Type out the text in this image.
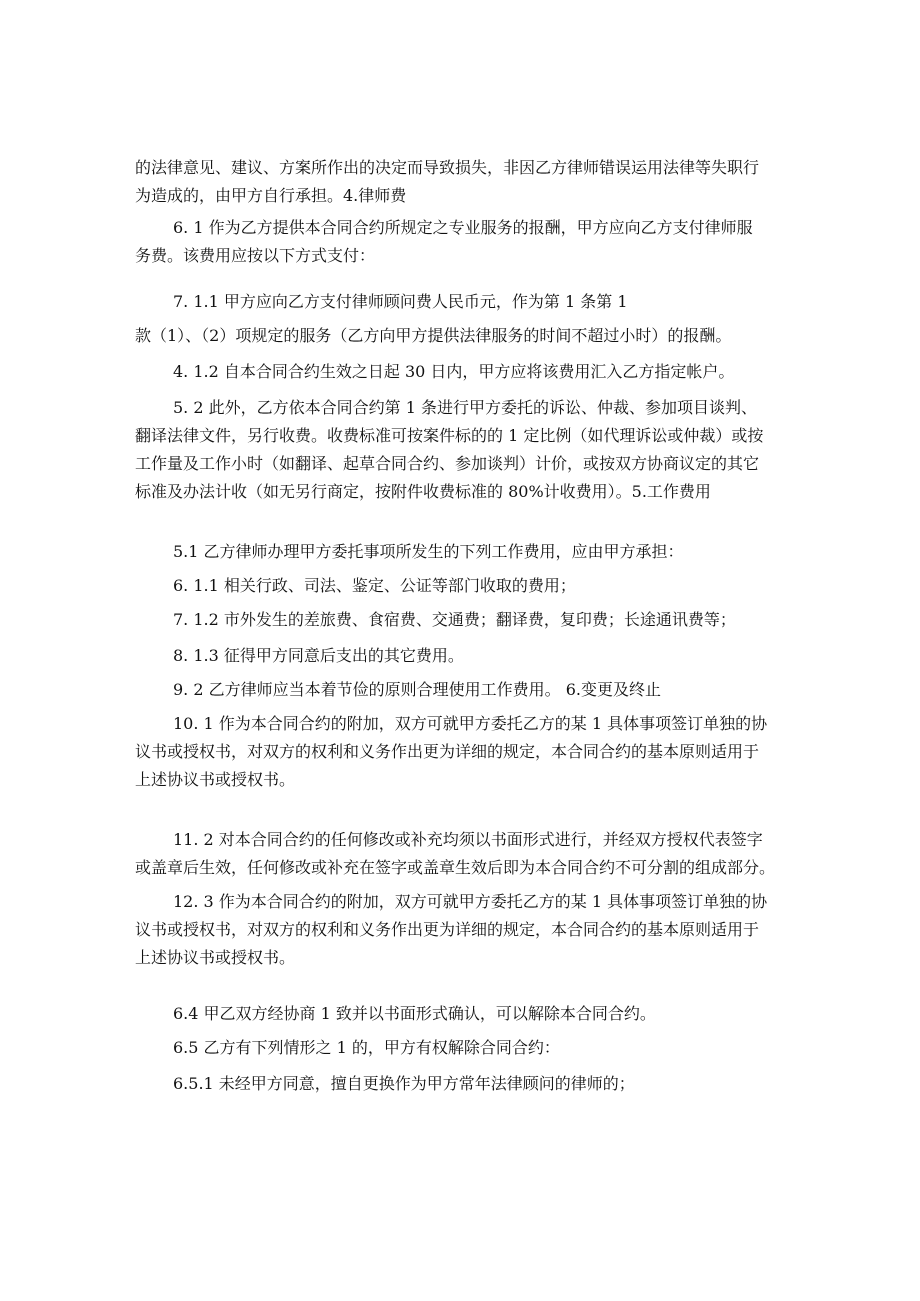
的法律意见、建议、方案所作出的决定而导致损失，非因乙方律师错误运用法律等失职行
为造成的，由甲方自行承担。4.律师费
6. 1 作为乙方提供本合同合约所规定之专业服务的报酬，甲方应向乙方支付律师服
务费。该费用应按以下方式支付：
7. 1.1 甲方应向乙方支付律师顾问费人民币元，作为第 1 条第 1
款（1）、（2）项规定的服务（乙方向甲方提供法律服务的时间不超过小时）的报酬。
4. 1.2 自本合同合约生效之日起 30 日内，甲方应将该费用汇入乙方指定帐户。
5. 2 此外，乙方依本合同合约第 1 条进行甲方委托的诉讼、仲裁、参加项目谈判、
翻译法律文件，另行收费。收费标准可按案件标的的 1 定比例（如代理诉讼或仲裁）或按
工作量及工作小时（如翻译、起草合同合约、参加谈判）计价，或按双方协商议定的其它
标准及办法计收（如无另行商定，按附件收费标准的 80%计收费用）。5.工作费用
5.1 乙方律师办理甲方委托事项所发生的下列工作费用，应由甲方承担：
6. 1.1 相关行政、司法、鉴定、公证等部门收取的费用；
7. 1.2 市外发生的差旅费、食宿费、交通费；翻译费，复印费；长途通讯费等；
8. 1.3 征得甲方同意后支出的其它费用。
9. 2 乙方律师应当本着节俭的原则合理使用工作费用。 6.变更及终止
10. 1 作为本合同合约的附加，双方可就甲方委托乙方的某 1 具体事项签订单独的协
议书或授权书，对双方的权利和义务作出更为详细的规定，本合同合约的基本原则适用于
上述协议书或授权书。
11. 2 对本合同合约的任何修改或补充均须以书面形式进行，并经双方授权代表签字
或盖章后生效，任何修改或补充在签字或盖章生效后即为本合同合约不可分割的组成部分。
12. 3 作为本合同合约的附加，双方可就甲方委托乙方的某 1 具体事项签订单独的协
议书或授权书，对双方的权利和义务作出更为详细的规定，本合同合约的基本原则适用于
上述协议书或授权书。
6.4 甲乙双方经协商 1 致并以书面形式确认，可以解除本合同合约。
6.5 乙方有下列情形之 1 的，甲方有权解除合同合约：
6.5.1 未经甲方同意，擅自更换作为甲方常年法律顾问的律师的；
